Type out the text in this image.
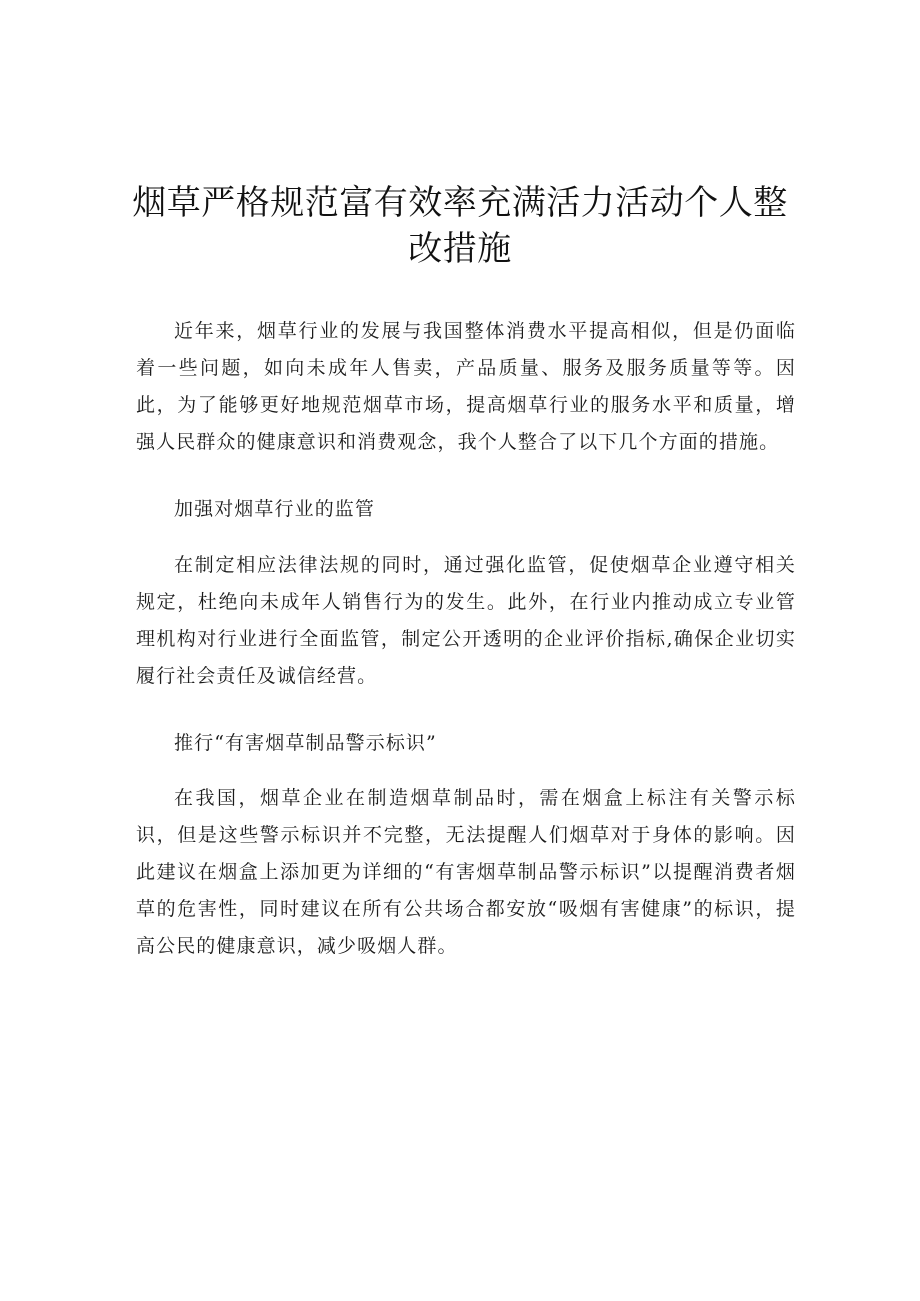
烟草严格规范富有效率充满活力活动个人整改措施

近年来，烟草行业的发展与我国整体消费水平提高相似，但是仍面临着一些问题，如向未成年人售卖，产品质量、服务及服务质量等等。因此，为了能够更好地规范烟草市场，提高烟草行业的服务水平和质量，增强人民群众的健康意识和消费观念，我个人整合了以下几个方面的措施。

加强对烟草行业的监管

在制定相应法律法规的同时，通过强化监管，促使烟草企业遵守相关规定，杜绝向未成年人销售行为的发生。此外，在行业内推动成立专业管理机构对行业进行全面监管，制定公开透明的企业评价指标,确保企业切实履行社会责任及诚信经营。

推行“有害烟草制品警示标识”

在我国，烟草企业在制造烟草制品时，需在烟盒上标注有关警示标识，但是这些警示标识并不完整，无法提醒人们烟草对于身体的影响。因此建议在烟盒上添加更为详细的“有害烟草制品警示标识”以提醒消费者烟草的危害性，同时建议在所有公共场合都安放“吸烟有害健康”的标识，提高公民的健康意识，减少吸烟人群。
